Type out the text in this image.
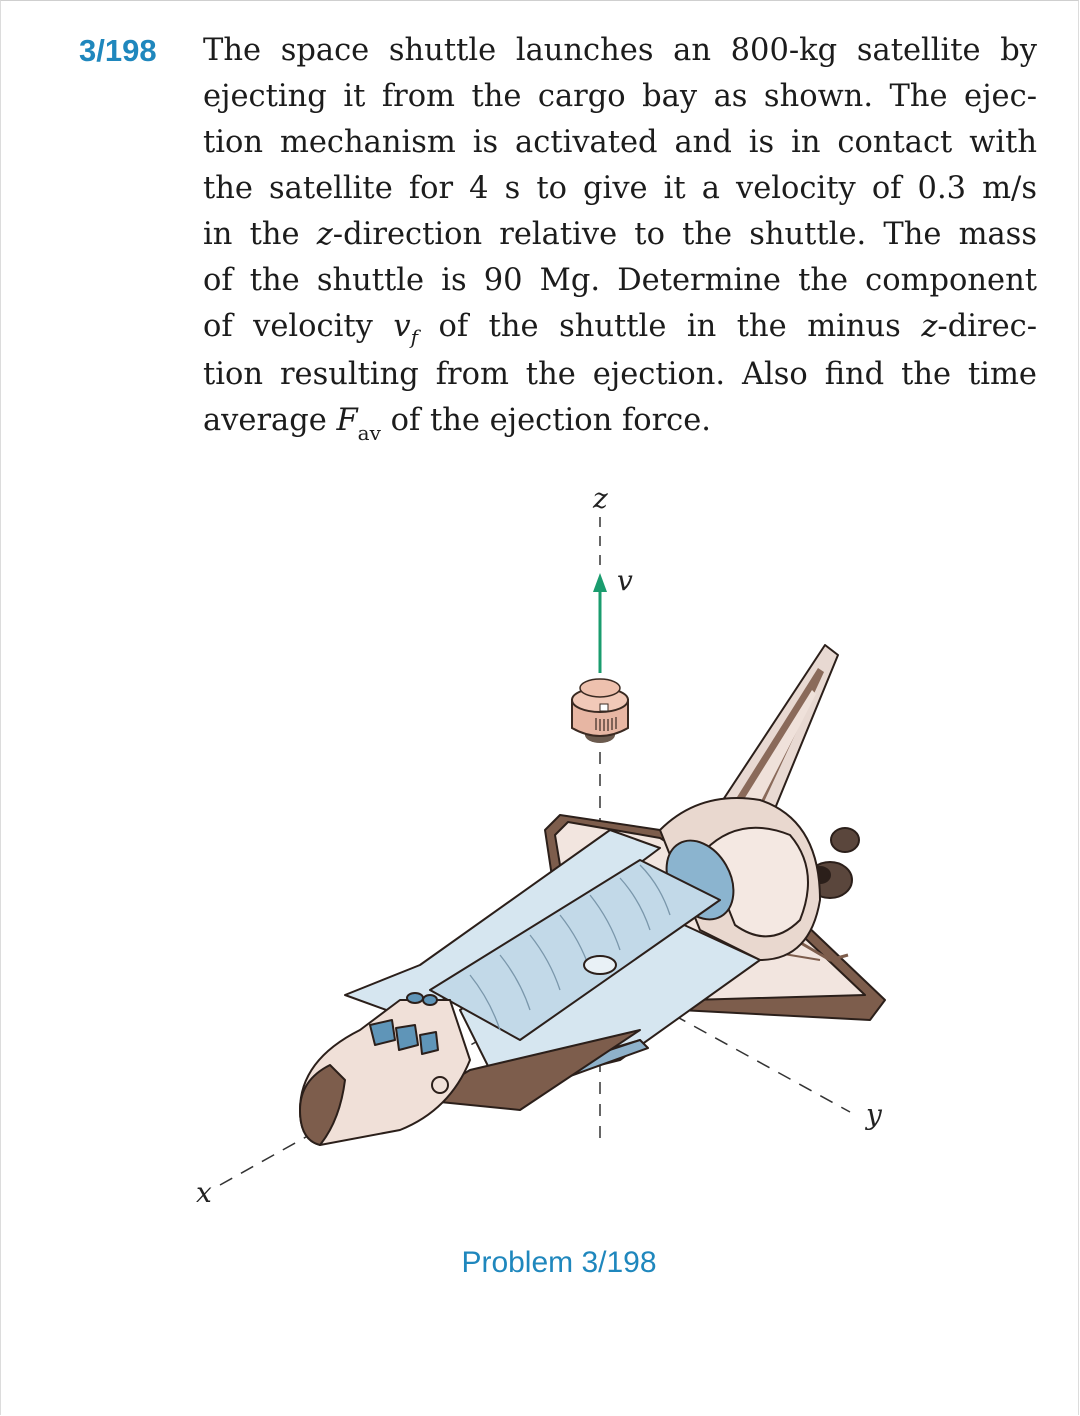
3/198 The space shuttle launches an 800-kg satellite by
ejecting it from the cargo bay as shown. The ejec-
tion mechanism is activated and is in contact with
the satellite for 4 s to give it a velocity of 0.3 m/s
in the z-direction relative to the shuttle. The mass
of the shuttle is 90 Mg. Determine the component
of velocity $v_f$ of the shuttle in the minus z-direc-
tion resulting from the ejection. Also find the time
average $F_{av}$ of the ejection force.
z
v
x
y
Problem 3/198
